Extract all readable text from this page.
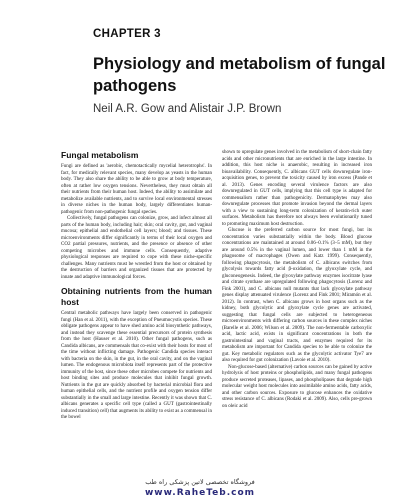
CHAPTER 3
Physiology and metabolism of fungal pathogens
Neil A.R. Gow and Alistair J.P. Brown
Fungal metabolism

Fungi are defined as 'aerobic, chemotactically mycelial heterotrophs'. In fact, for medically relevant species, many develop as yeasts in the human body. They also share the ability to be able to grow at body temperature, often at rather low oxygen tensions. Nevertheless, they must obtain all their nutrients from their human host. Indeed, the ability to assimilate and metabolize available nutrients, and to survive local environmental stresses in diverse niches in the human body, largely differentiates human-pathogenic from non-pathogenic fungal species.

Collectively, fungal pathogens can colonize, grow, and infect almost all parts of the human body, including hair; skin; oral cavity, gut, and vaginal mucosa; epithelial and endothelial cell layers; blood; and tissues. These microenvironments differ significantly in terms of their local oxygen and CO2 partial pressures, nutrients, and the presence or absence of other competing microbes and immune cells. Consequently, adaptive physiological responses are required to cope with these niche-specific challenges. Many nutrients must be wrestled from the host or obtained by the destruction of barriers and organized tissues that are protected by innate and adaptive immunological forces.

Obtaining nutrients from the human host

Central metabolic pathways have largely been conserved in pathogenic fungi (Han et al. 2011), with the exception of Pneumocystis species. These obligate pathogens appear to have shed amino acid biosynthetic pathways, and instead they scavenge these essential precursors of protein synthesis from the host (Hauser et al. 2010). Other fungal pathogens, such as Candida albicans, are commensals that co-exist with their hosts for most of the time without inflicting damage. Pathogenic Candida species interact with bacteria on the skin, in the gut, in the oral cavity, and on the vaginal lumen. The endogenous microbiota itself represents part of the protective immunity of the host, since these other microbes compete for nutrients and host binding sites and produce molecules that inhibit fungal growth. Nutrients in the gut are quickly absorbed by bacterial microbial flora and human epithelial cells, and the nutrient profile and oxygen tension differ substantially in the small and large intestine. Recently it was shown that C. albicans generates a specific cell type (called a GUT (gastrointestinally induced transition) cell) that augments its ability to exist as a commensal in the bowel

shown to upregulate genes involved in the metabolism of short-chain fatty acids and other micronutrients that are enriched in the large intestine. In addition, this host niche is anaerobic, resulting in increased iron bioavailability. Consequently, C. albicans GUT cells downregulate iron-acquisition genes, to prevent the toxicity caused by iron excess (Pande et al. 2013). Genes encoding several virulence factors are also downregulated in GUT cells, implying that this cell type is adapted for commensalism rather than pathogenicity. Dermatophytes may also downregulate processes that promote invasion beyond the dermal layers with a view to sustaining long-term colonization of keratin-rich outer surfaces. Metabolism has therefore not always been evolutionarily tuned to promoting maximum host destruction.

Glucose is the preferred carbon source for most fungi, but its concentration varies substantially within the body. Blood glucose concentrations are maintained at around 0.06–0.1% (3–5 mM), but they are around 0.5% in the vaginal lumen, and lower than 1 mM in the phagosome of macrophages (Owen and Katz 1999). Consequently, following phagocytosis, the metabolism of C. albicans switches from glycolysis towards fatty acid β-oxidation, the glyoxylate cycle, and gluconeogenesis. Indeed, the glyoxylate pathway enzymes isocitrate lyase and citrate synthase are upregulated following phagocytosis (Lorenz and Fink 2001), and C. albicans null mutants that lack glyoxylate pathway genes display attenuated virulence (Lorenz and Fink 2001; Miramón et al. 2012). In contrast, when C. albicans grows in host organs such as the kidney, both glycolytic and glyoxylate cycle genes are activated, suggesting that fungal cells are subjected to heterogeneous microenvironments with differing carbon sources in these complex niches (Barelle et al. 2006; Wilson et al. 2009). The non-fermentable carboxylic acid, lactic acid, exists in significant concentrations in both the gastrointestinal and vaginal tracts, and enzymes required for its metabolism are important for Candida species to be able to colonize the gut. Key metabolic regulators such as the glycolytic activator Tye7 are also required for gut colonization (Lavoie et al. 2010).

Non-glucose-based (alternative) carbon sources can be gained by active hydrolysis of host proteins or phospholipids, and many fungal pathogens produce secreted proteases, lipases, and phospholipases that degrade high molecular weight host molecules into assimilable amino acids, fatty acids, and other carbon sources. Exposure to glucose enhances the oxidative stress resistance of C. albicans (Rodaki et al. 2009). Also, cells pre-grown on oleic acid

فروشگاه تخصصی لاتین پزشکی راه طب
www.RaheTeb.com
